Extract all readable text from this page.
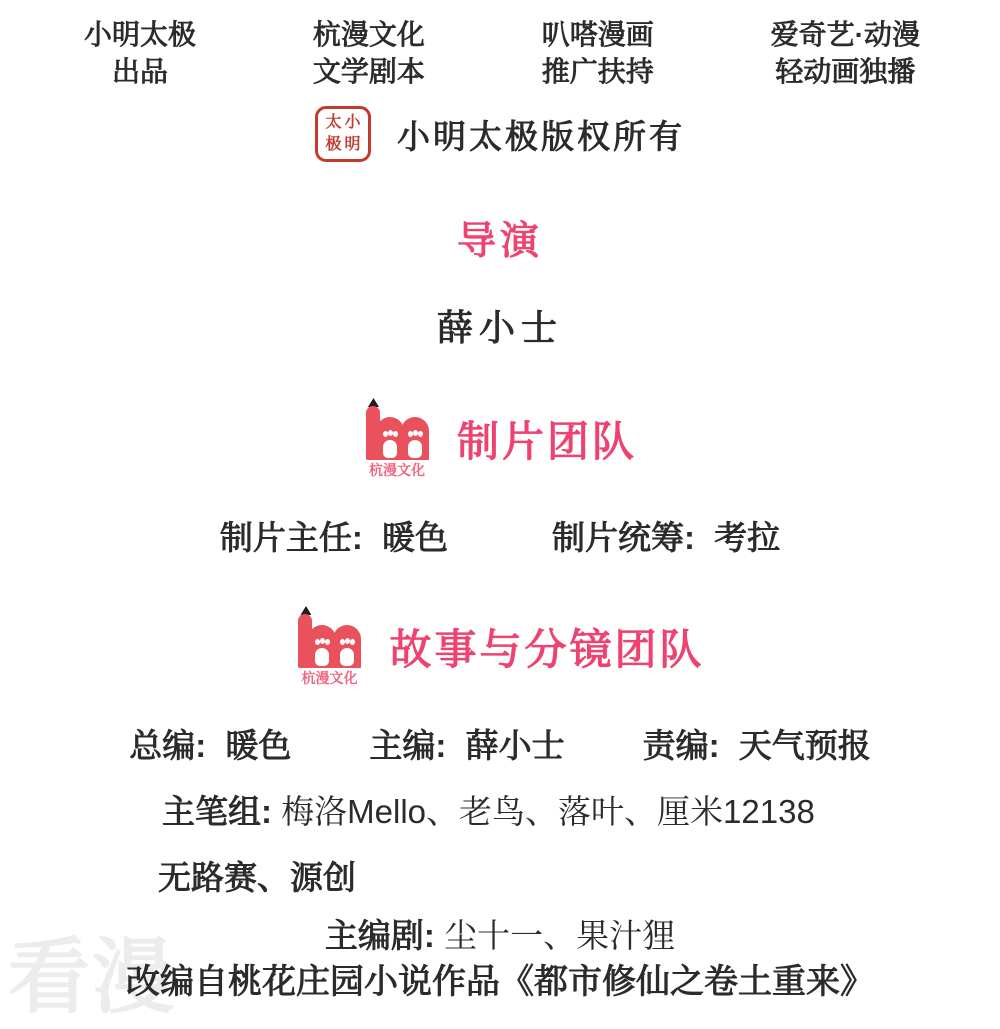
看漫
小明太极
出品
杭漫文化
文学剧本
叭嗒漫画
推广扶持
爱奇艺·动漫
轻动画独播
太极
小明 小明太极版权所有
导演
薛小士
杭漫文化
制片团队
制片主任: 暖色	制片统筹: 考拉
杭漫文化
故事与分镜团队
总编: 暖色 主编: 薛小士 责编: 天气预报
主笔组: 梅洛Mello、老鸟、落叶、厘米12138
无路赛、源创
主编剧: 尘十一、果汁狸
改编自桃花庄园小说作品《都市修仙之卷土重来》
